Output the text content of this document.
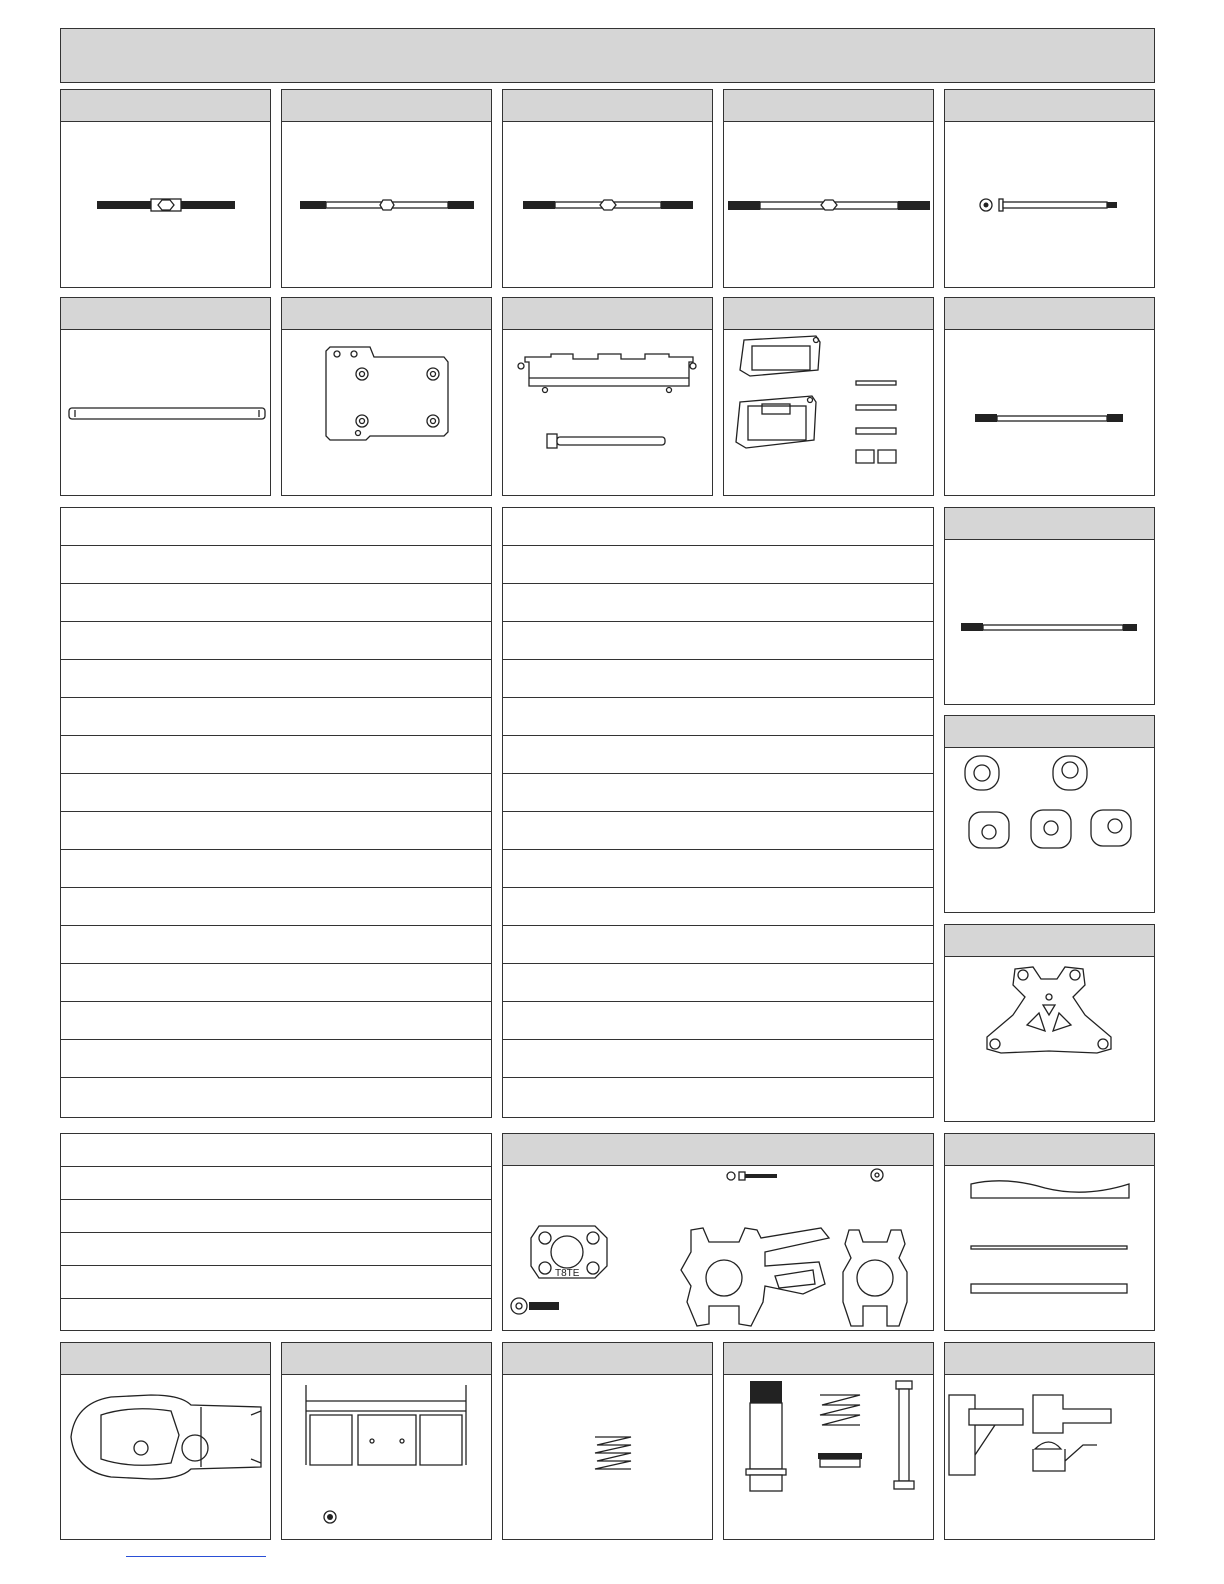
T8TE
